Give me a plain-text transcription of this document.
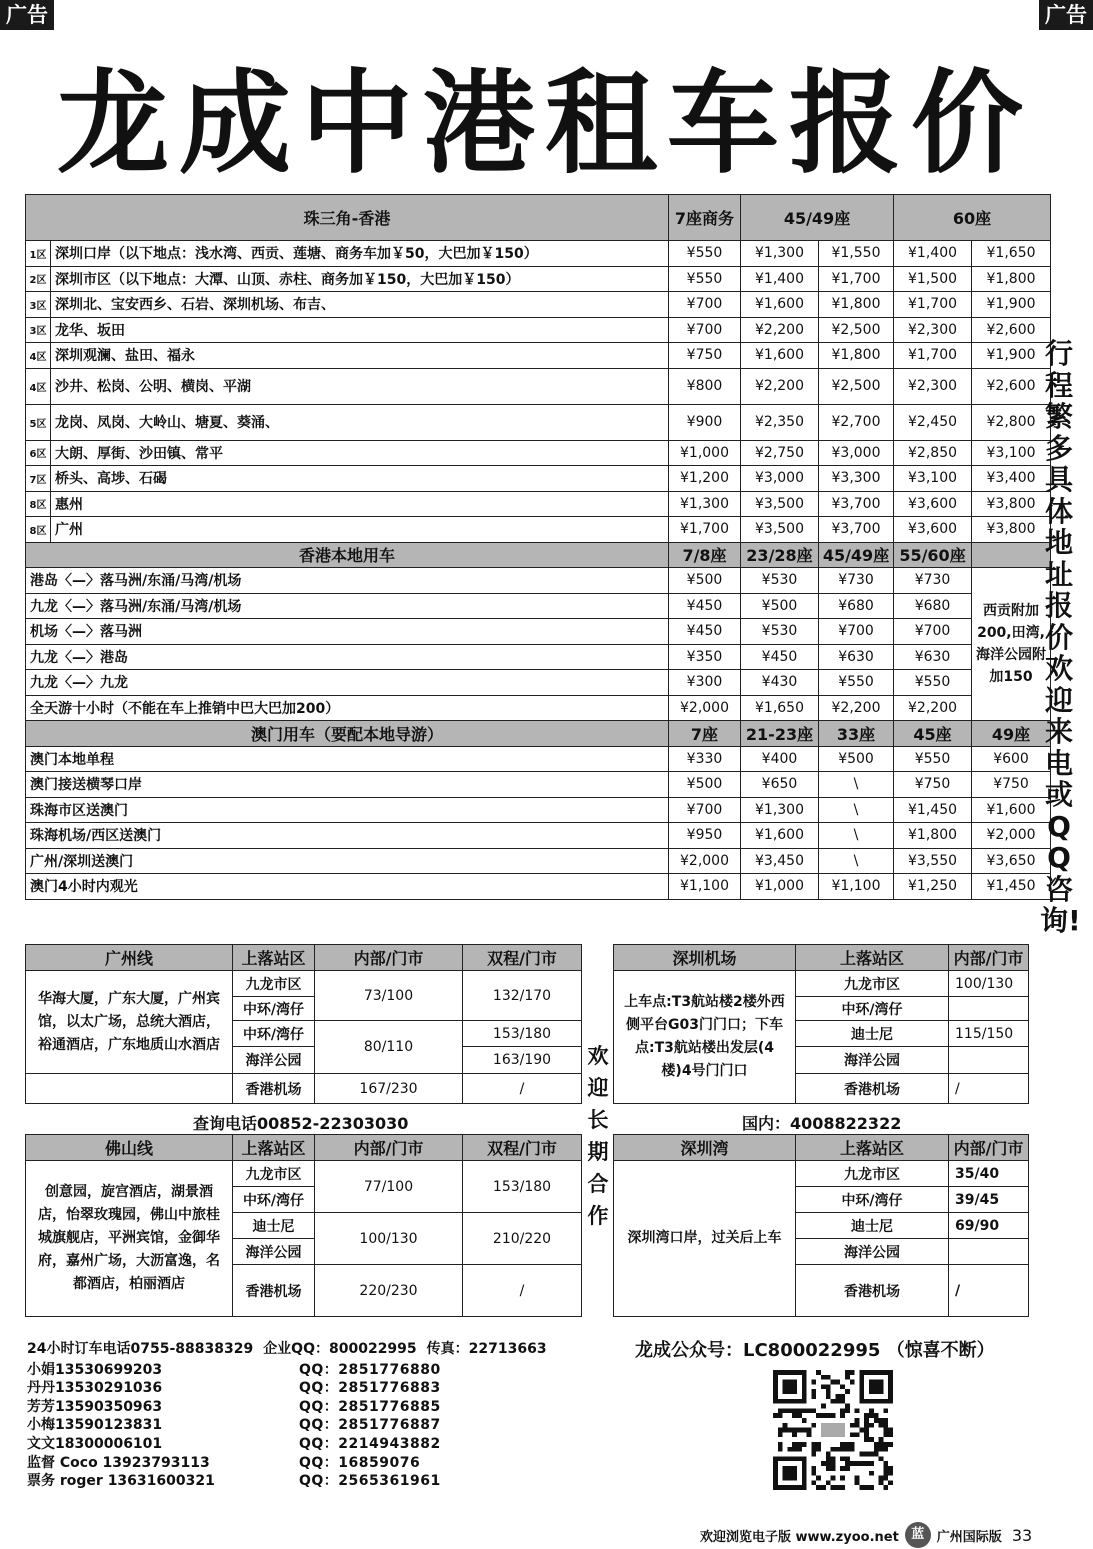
广告	广告
龙成中港租车报价
珠三角-香港		7座商务	45/49座		60座	
1区	深圳口岸（以下地点：浅水湾、西贡、莲塘、商务车加￥50，大巴加￥150）	¥550	¥1,300	¥1,550	¥1,400	¥1,650
2区	深圳市区（以下地点：大潭、山顶、赤柱、商务加￥150，大巴加￥150）	¥550	¥1,400	¥1,700	¥1,500	¥1,800
3区	深圳北、宝安西乡、石岩、深圳机场、布吉、	¥700	¥1,600	¥1,800	¥1,700	¥1,900
3区	龙华、坂田	¥700	¥2,200	¥2,500	¥2,300	¥2,600
4区	深圳观澜、盐田、福永	¥750	¥1,600	¥1,800	¥1,700	¥1,900
4区	沙井、松岗、公明、横岗、平湖	¥800	¥2,200	¥2,500	¥2,300	¥2,600
5区	龙岗、凤岗、大岭山、塘夏、葵涌、	¥900	¥2,350	¥2,700	¥2,450	¥2,800
6区	大朗、厚街、沙田镇、常平	¥1,000	¥2,750	¥3,000	¥2,850	¥3,100
7区	桥头、高埗、石碣	¥1,200	¥3,000	¥3,300	¥3,100	¥3,400
8区	惠州	¥1,300	¥3,500	¥3,700	¥3,600	¥3,800
8区	广州	¥1,700	¥3,500	¥3,700	¥3,600	¥3,800
香港本地用车		7/8座	23/28座	45/49座	55/60座	
港岛〈—〉落马洲/东涌/马湾/机场		¥500	¥530	¥730	¥730	西贡附加200,田湾,海洋公园附加150
九龙〈—〉落马洲/东涌/马湾/机场		¥450	¥500	¥680	¥680	
机场〈—〉落马洲		¥450	¥530	¥700	¥700	
九龙〈—〉港岛		¥350	¥450	¥630	¥630	
九龙〈—〉九龙		¥300	¥430	¥550	¥550	
全天游十小时（不能在车上推销中巴大巴加200）		¥2,000	¥1,650	¥2,200	¥2,200	
澳门用车（要配本地导游）		7座	21-23座	33座	45座	49座
澳门本地单程		¥330	¥400	¥500	¥550	¥600
澳门接送横琴口岸		¥500	¥650	\	¥750	¥750
珠海市区送澳门		¥700	¥1,300	\	¥1,450	¥1,600
珠海机场/西区送澳门		¥950	¥1,600	\	¥1,800	¥2,000
广州/深圳送澳门		¥2,000	¥3,450	\	¥3,550	¥3,650
澳门4小时内观光		¥1,100	¥1,000	¥1,100	¥1,250	¥1,450
行
程
繁
多
具
体
地
址
报
价
欢
迎
来
电
或
Q
Q
咨
询!
广州线	上落站区	内部/门市	双程/门市
华海大厦，广东大厦，广州宾馆，以太广场，总统大酒店，裕通酒店，广东地质山水酒店	九龙市区	73/100	132/170
	中环/湾仔		
	中环/湾仔	80/110	153/180
	海洋公园		163/190
	香港机场	167/230	/
深圳机场	上落站区	内部/门市
上车点:T3航站楼2楼外西侧平台G03门门口；下车点:T3航站楼出发层(4楼)4号门门口	九龙市区	100/130
	中环/湾仔	
	迪士尼	115/150
	海洋公园	
	香港机场	/
查询电话00852-22303030	国内：4008822322
欢
迎
长
期
合
作
佛山线	上落站区	内部/门市	双程/门市
创意园，旋宫酒店，湖景酒店，怡翠玫瑰园，佛山中旅桂城旗舰店，平洲宾馆，金御华府，嘉州广场，大沥富逸，名都酒店，柏丽酒店	九龙市区	77/100	153/180
	中环/湾仔		
	迪士尼	100/130	210/220
	海洋公园		
	香港机场	220/230	/
深圳湾	上落站区	内部/门市
深圳湾口岸，过关后上车	九龙市区	35/40
	中环/湾仔	39/45
	迪士尼	69/90
	海洋公园	
	香港机场	/
24小时订车电话0755-88838329 企业QQ：800022995 传真：22713663
小娟13530699203	QQ：2851776880
丹丹13530291036	QQ：2851776883
芳芳13590350963	QQ：2851776885
小梅13590123831	QQ：2851776887
文文18300006101	QQ：2214943882
监督 Coco 13923793113	QQ：16859076
票务 roger 13631600321	QQ：2565361961
龙成公众号：LC800022995 （惊喜不断）
欢迎浏览电子版 www.zyoo.net 蓝 广州国际版 33
